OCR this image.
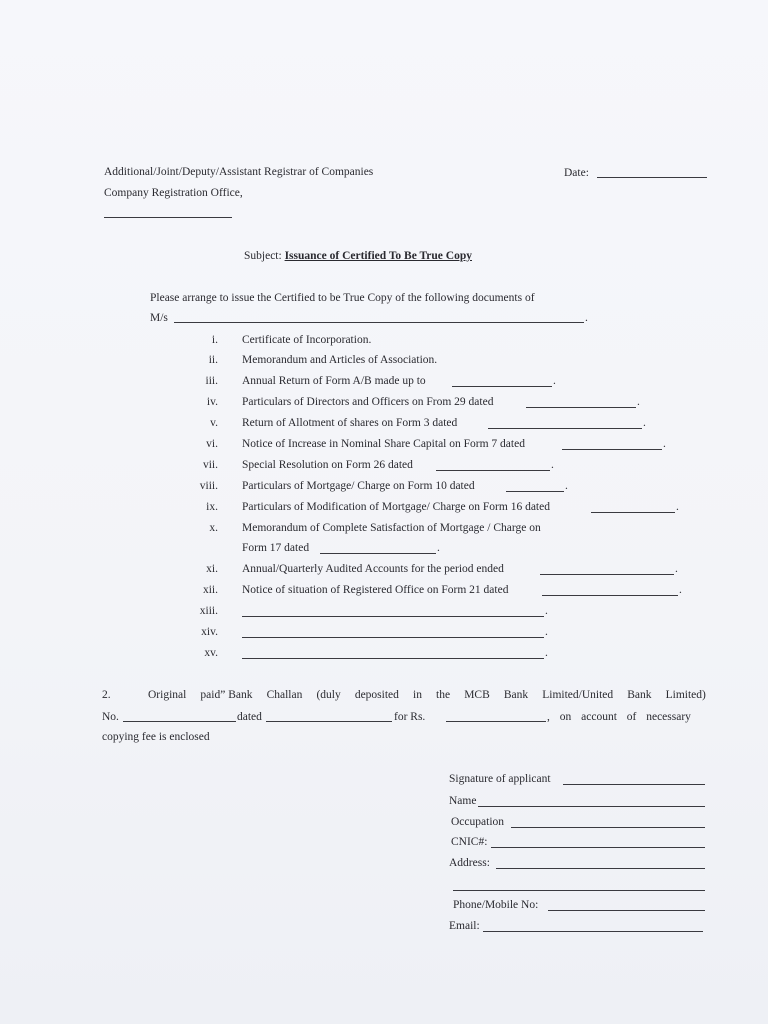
Additional/Joint/Deputy/Assistant Registrar of Companies
Company Registration Office,
Date:
Subject: Issuance of Certified To Be True Copy
Please arrange to issue the Certified to be True Copy of the following documents of
M/s	.
i. Certificate of Incorporation.
ii. Memorandum and Articles of Association.
iii. Annual Return of Form A/B made up to	.
iv. Particulars of Directors and Officers on From 29 dated	.
v. Return of Allotment of shares on Form 3 dated	.
vi. Notice of Increase in Nominal Share Capital on Form 7 dated	.
vii. Special Resolution on Form 26 dated	.
viii. Particulars of Mortgage/ Charge on Form 10 dated	.
ix. Particulars of Modification of Mortgage/ Charge on Form 16 dated	.
x. Memorandum of Complete Satisfaction of Mortgage / Charge on
Form 17 dated	.
xi. Annual/Quarterly Audited Accounts for the period ended	.
xii. Notice of situation of Registered Office on Form 21 dated	.
xiii.	.
xiv.	.
xv.	.
2.	Original paid” Bank Challan (duly deposited in the MCB Bank Limited/United Bank Limited)
No.	dated	for Rs.	, on account of necessary
copying fee is enclosed
Signature of applicant
Name
Occupation
CNIC#:
Address:
Phone/Mobile No:
Email:
